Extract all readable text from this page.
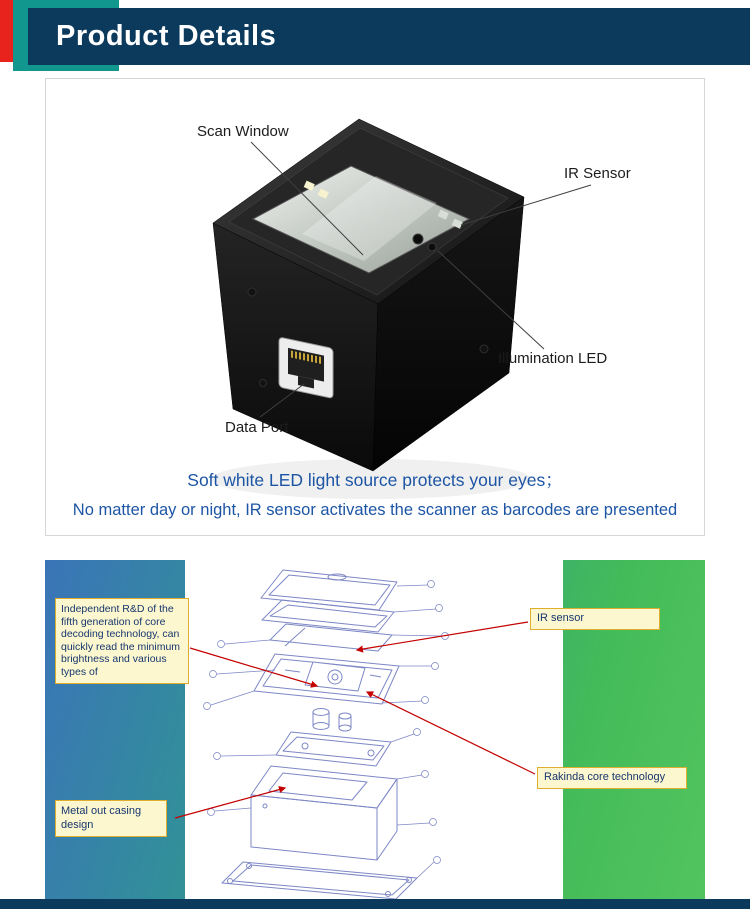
Product Details
Scan Window
IR Sensor
Illumination LED
Data Port
Soft white LED light source protects your eyes；
No matter day or night, IR sensor activates the scanner as barcodes are presented
Independent R&D of the fifth generation of core decoding technology, can quickly read the minimum brightness and various types of
IR sensor
Rakinda core technology
Metal out casing design
